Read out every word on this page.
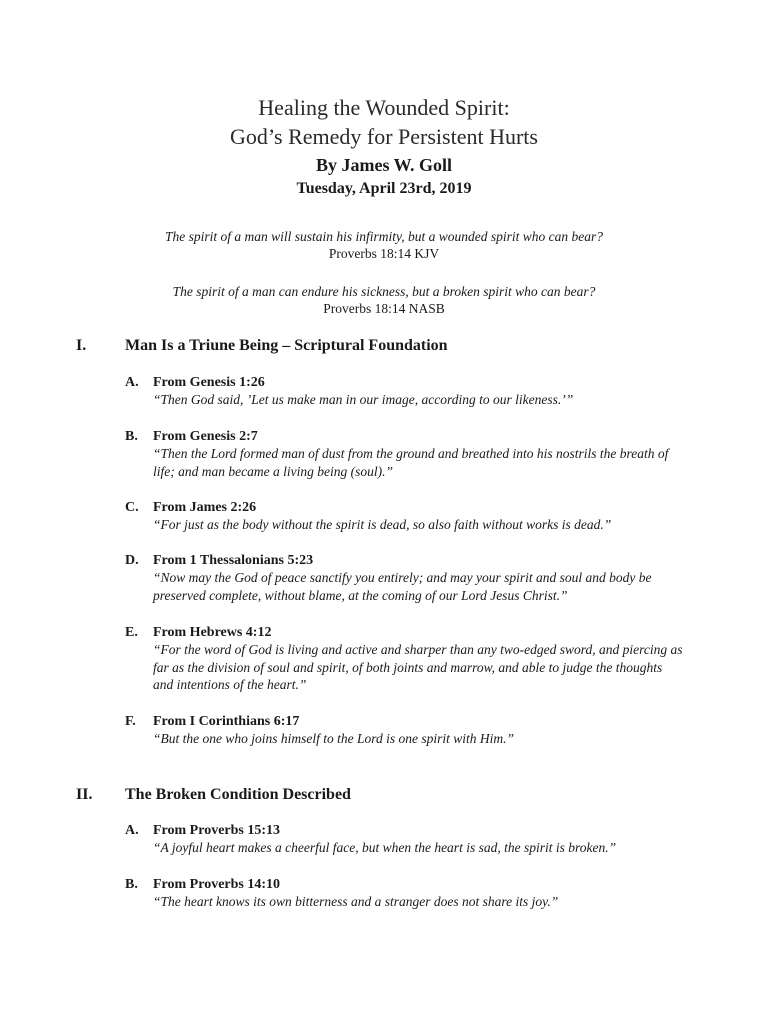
Healing the Wounded Spirit:
God’s Remedy for Persistent Hurts
By James W. Goll
Tuesday, April 23rd, 2019
The spirit of a man will sustain his infirmity, but a wounded spirit who can bear?
Proverbs 18:14 KJV
The spirit of a man can endure his sickness, but a broken spirit who can bear?
Proverbs 18:14 NASB
I. Man Is a Triune Being – Scriptural Foundation
A. From Genesis 1:26
“Then God said, ’Let us make man in our image, according to our likeness.’”
B. From Genesis 2:7
“Then the Lord formed man of dust from the ground and breathed into his nostrils the breath of life; and man became a living being (soul).”
C. From James 2:26
“For just as the body without the spirit is dead, so also faith without works is dead.”
D. From 1 Thessalonians 5:23
“Now may the God of peace sanctify you entirely; and may your spirit and soul and body be preserved complete, without blame, at the coming of our Lord Jesus Christ.”
E. From Hebrews 4:12
“For the word of God is living and active and sharper than any two-edged sword, and piercing as far as the division of soul and spirit, of both joints and marrow, and able to judge the thoughts and intentions of the heart.”
F. From I Corinthians 6:17
“But the one who joins himself to the Lord is one spirit with Him.”
II. The Broken Condition Described
A. From Proverbs 15:13
“A joyful heart makes a cheerful face, but when the heart is sad, the spirit is broken.”
B. From Proverbs 14:10
“The heart knows its own bitterness and a stranger does not share its joy.”
